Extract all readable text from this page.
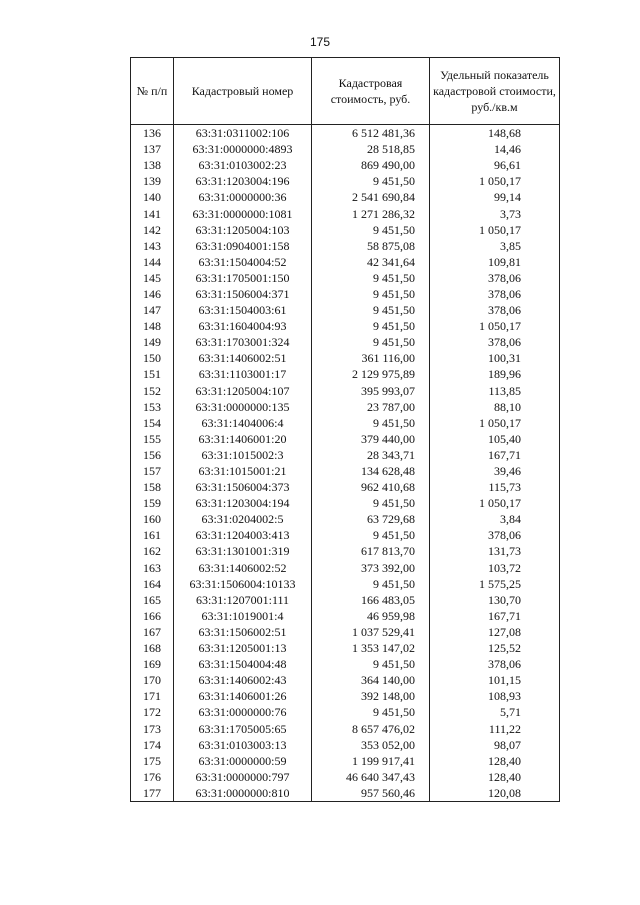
175
№ п/п	Кадастровый номер	Кадастровая стоимость, руб.	Удельный показатель кадастровой стоимости, руб./кв.м
136	63:31:0311002:106	6 512 481,36	148,68
137	63:31:0000000:4893	28 518,85	14,46
138	63:31:0103002:23	869 490,00	96,61
139	63:31:1203004:196	9 451,50	1 050,17
140	63:31:0000000:36	2 541 690,84	99,14
141	63:31:0000000:1081	1 271 286,32	3,73
142	63:31:1205004:103	9 451,50	1 050,17
143	63:31:0904001:158	58 875,08	3,85
144	63:31:1504004:52	42 341,64	109,81
145	63:31:1705001:150	9 451,50	378,06
146	63:31:1506004:371	9 451,50	378,06
147	63:31:1504003:61	9 451,50	378,06
148	63:31:1604004:93	9 451,50	1 050,17
149	63:31:1703001:324	9 451,50	378,06
150	63:31:1406002:51	361 116,00	100,31
151	63:31:1103001:17	2 129 975,89	189,96
152	63:31:1205004:107	395 993,07	113,85
153	63:31:0000000:135	23 787,00	88,10
154	63:31:1404006:4	9 451,50	1 050,17
155	63:31:1406001:20	379 440,00	105,40
156	63:31:1015002:3	28 343,71	167,71
157	63:31:1015001:21	134 628,48	39,46
158	63:31:1506004:373	962 410,68	115,73
159	63:31:1203004:194	9 451,50	1 050,17
160	63:31:0204002:5	63 729,68	3,84
161	63:31:1204003:413	9 451,50	378,06
162	63:31:1301001:319	617 813,70	131,73
163	63:31:1406002:52	373 392,00	103,72
164	63:31:1506004:10133	9 451,50	1 575,25
165	63:31:1207001:111	166 483,05	130,70
166	63:31:1019001:4	46 959,98	167,71
167	63:31:1506002:51	1 037 529,41	127,08
168	63:31:1205001:13	1 353 147,02	125,52
169	63:31:1504004:48	9 451,50	378,06
170	63:31:1406002:43	364 140,00	101,15
171	63:31:1406001:26	392 148,00	108,93
172	63:31:0000000:76	9 451,50	5,71
173	63:31:1705005:65	8 657 476,02	111,22
174	63:31:0103003:13	353 052,00	98,07
175	63:31:0000000:59	1 199 917,41	128,40
176	63:31:0000000:797	46 640 347,43	128,40
177	63:31:0000000:810	957 560,46	120,08
